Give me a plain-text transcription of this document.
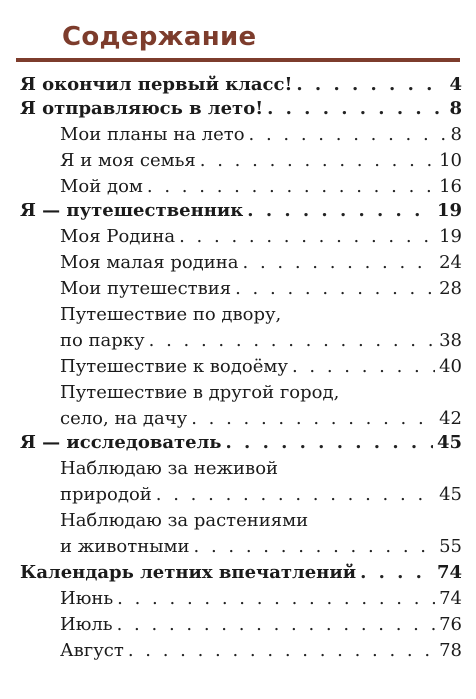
Содержание
Я окончил первый класс! . . .	4
Я отправляюсь в лето! . . .	8
Мои планы на лето . . .	8
Я и моя семья . . .	10
Мой дом . . .	16
Я — путешественник . . .	19
Моя Родина . . .	19
Моя малая родина . . .	24
Мои путешествия . . .	28
Путешествие по двору,
по парку . . .	38
Путешествие к водоёму . . .	40
Путешествие в другой город,
село, на дачу . . .	42
Я — исследователь . . .	45
Наблюдаю за неживой
природой . . .	45
Наблюдаю за растениями
и животными . . .	55
Календарь летних впечатлений . . .	74
Июнь . . .	74
Июль . . .	76
Август . . .	78
